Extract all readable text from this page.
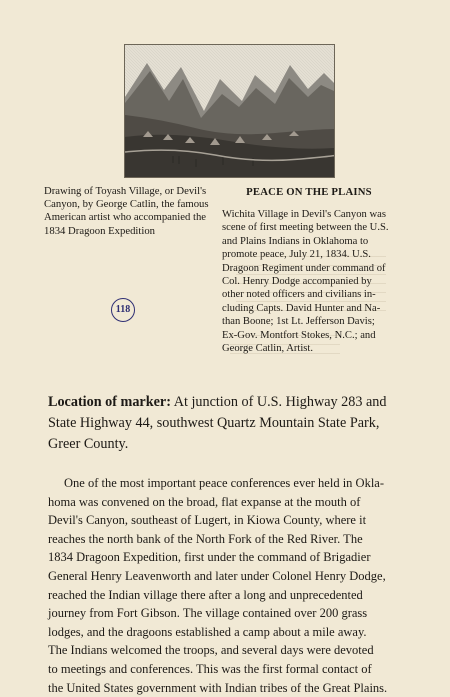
Drawing of Toyash Village, or Devil's
Canyon, by George Catlin, the famous
American artist who accompanied the
1834 Dragoon Expedition
PEACE ON THE PLAINS
Wichita Village in Devil's Canyon was
scene of first meeting between the U.S.
and Plains Indians in Oklahoma to
promote peace, July 21, 1834. U.S.
Dragoon Regiment under command of
Col. Henry Dodge accompanied by
other noted officers and civilians in-
cluding Capts. David Hunter and Na-
than Boone; 1st Lt. Jefferson Davis;
Ex-Gov. Montfort Stokes, N.C.; and
George Catlin, Artist.
118
Location of marker: At junction of U.S. Highway 283 and
State Highway 44, southwest Quartz Mountain State Park,
Greer County.
One of the most important peace conferences ever held in Okla-
homa was convened on the broad, flat expanse at the mouth of
Devil's Canyon, southeast of Lugert, in Kiowa County, where it
reaches the north bank of the North Fork of the Red River. The
1834 Dragoon Expedition, first under the command of Brigadier
General Henry Leavenworth and later under Colonel Henry Dodge,
reached the Indian village there after a long and unprecedented
journey from Fort Gibson. The village contained over 200 grass
lodges, and the dragoons established a camp about a mile away.
The Indians welcomed the troops, and several days were devoted
to meetings and conferences. This was the first formal contact of
the United States government with Indian tribes of the Great Plains.
